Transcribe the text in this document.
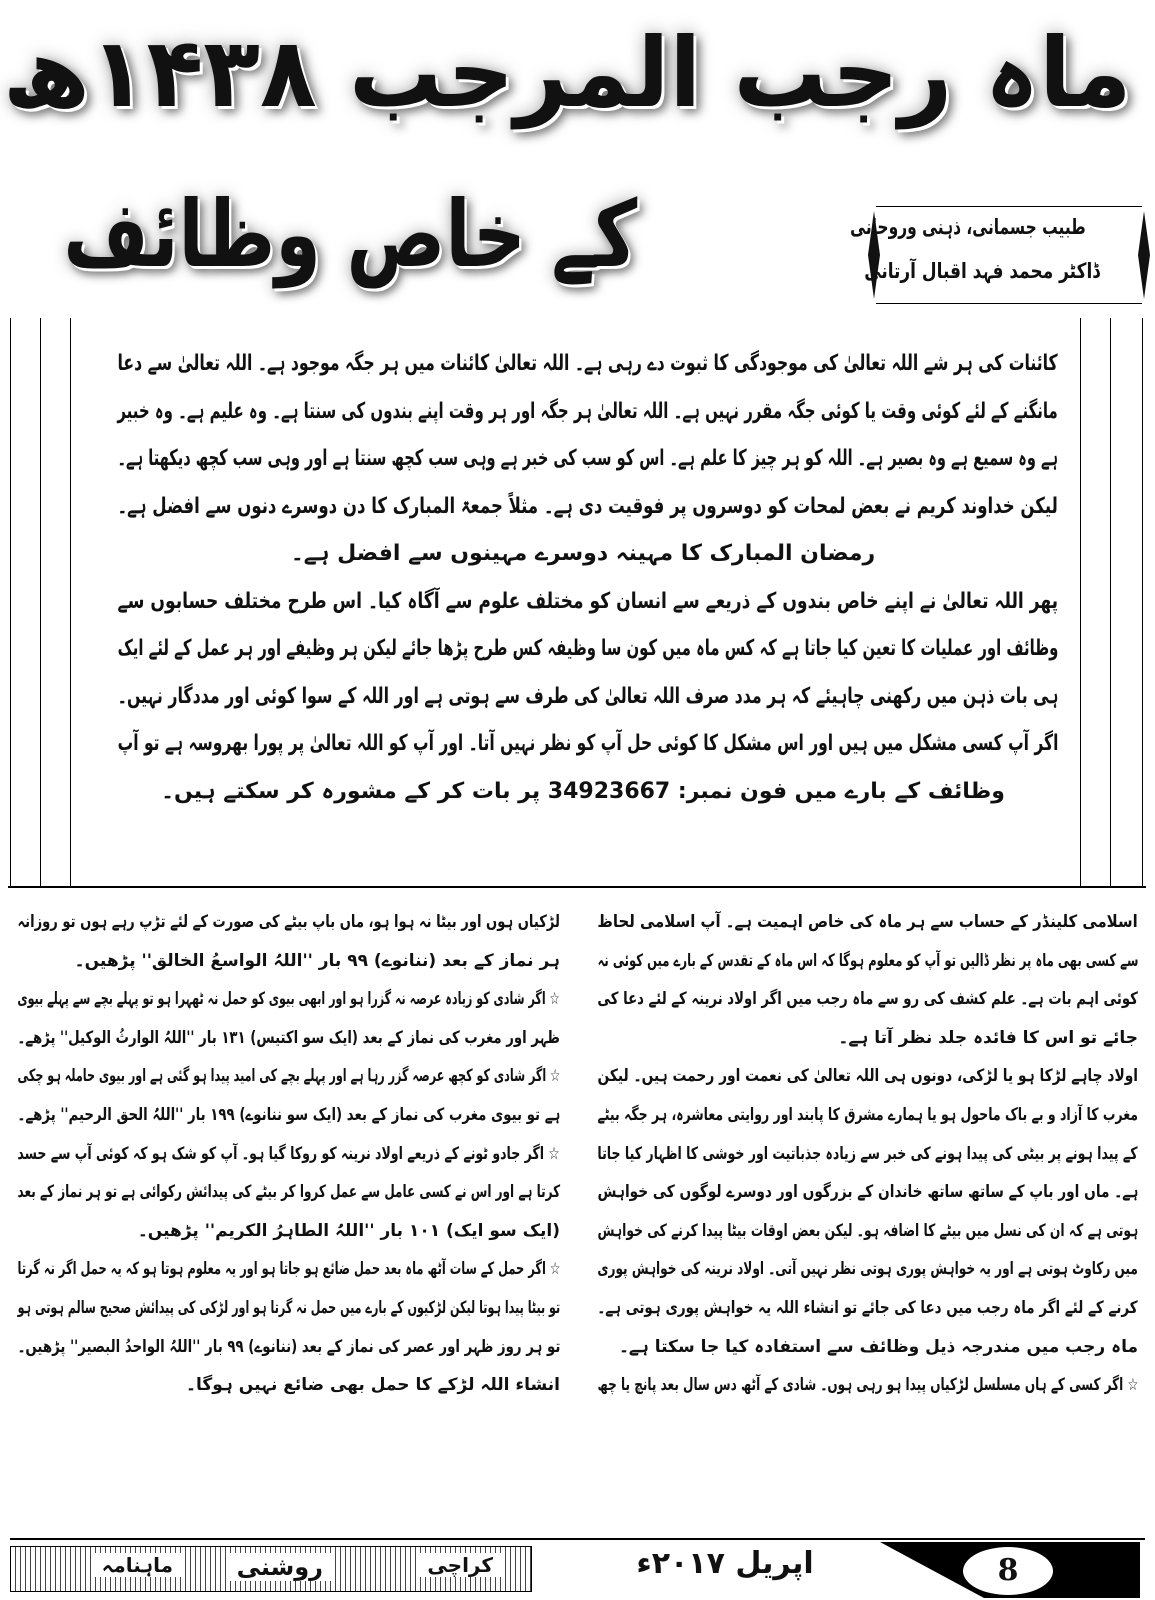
ماہ رجب المرجب ۱۴۳۸ھ
کے خاص وظائف	طبیب جسمانی، ذہنی وروحانی
ڈاکٹر محمد فہد اقبال آرتانی
کائنات کی ہر شے اللہ تعالیٰ کی موجودگی کا ثبوت دے رہی ہے۔ اللہ تعالیٰ کائنات میں ہر جگہ موجود ہے۔ اللہ تعالیٰ سے دعا
مانگنے کے لئے کوئی وقت یا کوئی جگہ مقرر نہیں ہے۔ اللہ تعالیٰ ہر جگہ اور ہر وقت اپنے بندوں کی سنتا ہے۔ وہ علیم ہے۔ وہ خبیر
ہے وہ سمیع ہے وہ بصیر ہے۔ اللہ کو ہر چیز کا علم ہے۔ اس کو سب کی خبر ہے وہی سب کچھ سنتا ہے اور وہی سب کچھ دیکھتا ہے۔
لیکن خداوند کریم نے بعض لمحات کو دوسروں پر فوقیت دی ہے۔ مثلاً جمعۃ المبارک کا دن دوسرے دنوں سے افضل ہے۔
رمضان المبارک کا مہینہ دوسرے مہینوں سے افضل ہے۔
پھر اللہ تعالیٰ نے اپنے خاص بندوں کے ذریعے سے انسان کو مختلف علوم سے آگاہ کیا۔ اس طرح مختلف حسابوں سے
وظائف اور عملیات کا تعین کیا جاتا ہے کہ کس ماہ میں کون سا وظیفہ کس طرح پڑھا جائے لیکن ہر وظیفے اور ہر عمل کے لئے ایک
ہی بات ذہن میں رکھنی چاہیئے کہ ہر مدد صرف اللہ تعالیٰ کی طرف سے ہوتی ہے اور اللہ کے سوا کوئی اور مددگار نہیں۔
اگر آپ کسی مشکل میں ہیں اور اس مشکل کا کوئی حل آپ کو نظر نہیں آتا۔ اور آپ کو اللہ تعالیٰ پر پورا بھروسہ ہے تو آپ
وظائف کے بارے میں فون نمبر: 34923667 پر بات کر کے مشورہ کر سکتے ہیں۔
اسلامی کلینڈر کے حساب سے ہر ماہ کی خاص اہمیت ہے۔ آپ اسلامی لحاظ
سے کسی بھی ماہ پر نظر ڈالیں تو آپ کو معلوم ہوگا کہ اس ماہ کے تقدس کے بارے میں کوئی نہ
کوئی اہم بات ہے۔ علم کشف کی رو سے ماہ رجب میں اگر اولاد نرینہ کے لئے دعا کی
جائے تو اس کا فائدہ جلد نظر آتا ہے۔
اولاد چاہے لڑکا ہو یا لڑکی، دونوں ہی اللہ تعالیٰ کی نعمت اور رحمت ہیں۔ لیکن
مغرب کا آزاد و بے باک ماحول ہو یا ہمارے مشرق کا پابند اور روایتی معاشرہ، ہر جگہ بیٹے
کے پیدا ہونے پر بیٹی کی پیدا ہونے کی خبر سے زیادہ جذباتیت اور خوشی کا اظہار کیا جاتا
ہے۔ ماں اور باپ کے ساتھ ساتھ خاندان کے بزرگوں اور دوسرے لوگوں کی خواہش
ہوتی ہے کہ ان کی نسل میں بیٹے کا اضافہ ہو۔ لیکن بعض اوقات بیٹا پیدا کرنے کی خواہش
میں رکاوٹ ہوتی ہے اور یہ خواہش پوری ہوتی نظر نہیں آتی۔ اولاد نرینہ کی خواہش پوری
کرنے کے لئے اگر ماہ رجب میں دعا کی جائے تو انشاء اللہ یہ خواہش پوری ہوتی ہے۔
ماہ رجب میں مندرجہ ذیل وظائف سے استفادہ کیا جا سکتا ہے۔
☆ اگر کسی کے ہاں مسلسل لڑکیاں پیدا ہو رہی ہوں۔ شادی کے آٹھ دس سال بعد پانچ یا چھ
لڑکیاں ہوں اور بیٹا نہ ہوا ہو، ماں باپ بیٹے کی صورت کے لئے تڑپ رہے ہوں تو روزانہ
ہر نماز کے بعد (ننانوے) ۹۹ بار ''اللہُ الواسعُ الخالق'' پڑھیں۔
☆ اگر شادی کو زیادہ عرصہ نہ گزرا ہو اور ابھی بیوی کو حمل نہ ٹھہرا ہو تو پہلے بچے سے پہلے بیوی
ظہر اور مغرب کی نماز کے بعد (ایک سو اکتیس) ۱۳۱ بار ''اللہُ الوارثُ الوکیل'' پڑھے۔
☆ اگر شادی کو کچھ عرصہ گزر رہا ہے اور پہلے بچے کی امید پیدا ہو گئی ہے اور بیوی حاملہ ہو چکی
ہے تو بیوی مغرب کی نماز کے بعد (ایک سو ننانوے) ۱۹۹ بار ''اللہُ الحق الرحیم'' پڑھے۔
☆ اگر جادو ٹونے کے ذریعے اولاد نرینہ کو روکا گیا ہو۔ آپ کو شک ہو کہ کوئی آپ سے حسد
کرتا ہے اور اس نے کسی عامل سے عمل کروا کر بیٹے کی پیدائش رکوائی ہے تو ہر نماز کے بعد
(ایک سو ایک) ۱۰۱ بار ''اللہُ الطاہرُ الکریم'' پڑھیں۔
☆ اگر حمل کے سات آٹھ ماہ بعد حمل ضائع ہو جاتا ہو اور یہ معلوم ہوتا ہو کہ یہ حمل اگر نہ گرتا
تو بیٹا پیدا ہوتا لیکن لڑکیوں کے بارے میں حمل نہ گرتا ہو اور لڑکی کی پیدائش صحیح سالم ہوتی ہو
تو ہر روز ظہر اور عصر کی نماز کے بعد (ننانوے) ۹۹ بار ''اللہُ الواحدُ البصیر'' پڑھیں۔
انشاء اللہ لڑکے کا حمل بھی ضائع نہیں ہوگا۔
کراچی
روشنی
ماہنامہ	اپریل ۲۰۱۷ء	8
